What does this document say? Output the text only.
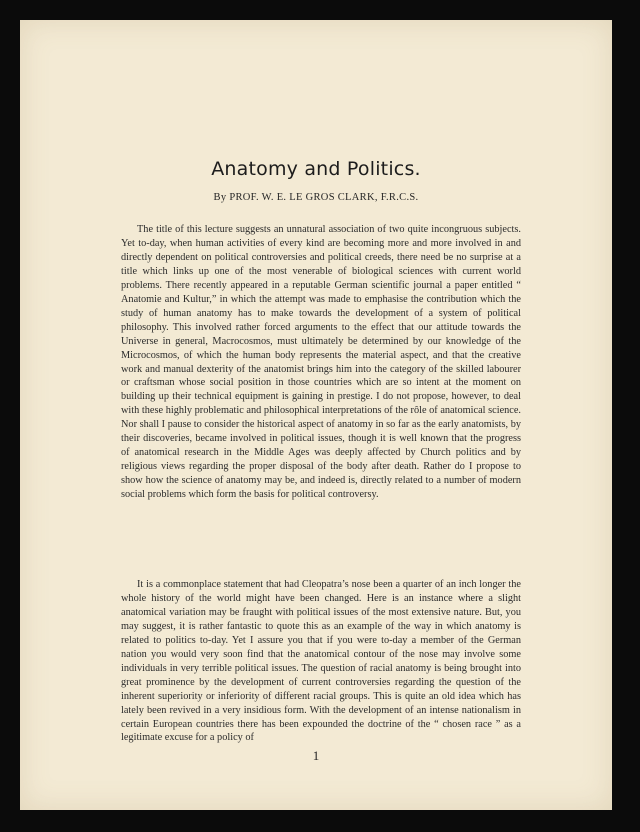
Anatomy and Politics.
By PROF. W. E. LE GROS CLARK, F.R.C.S.

The title of this lecture suggests an unnatural association of two quite incongruous subjects. Yet to-day, when human activities of every kind are becoming more and more involved in and directly dependent on political controversies and political creeds, there need be no surprise at a title which links up one of the most venerable of biological sciences with current world problems. There recently appeared in a reputable German scientific journal a paper entitled “ Anatomie and Kultur,” in which the attempt was made to emphasise the contribution which the study of human anatomy has to make towards the development of a system of political philosophy. This involved rather forced arguments to the effect that our attitude towards the Universe in general, Macrocosmos, must ultimately be determined by our knowledge of the Microcosmos, of which the human body represents the material aspect, and that the creative work and manual dexterity of the anatomist brings him into the category of the skilled labourer or craftsman whose social position in those countries which are so intent at the moment on building up their technical equipment is gaining in prestige. I do not propose, however, to deal with these highly problematic and philosophical interpretations of the rôle of anatomical science. Nor shall I pause to consider the historical aspect of anatomy in so far as the early anatomists, by their discoveries, became involved in political issues, though it is well known that the progress of anatomical research in the Middle Ages was deeply affected by Church politics and by religious views regarding the proper disposal of the body after death. Rather do I propose to show how the science of anatomy may be, and indeed is, directly related to a number of modern social problems which form the basis for political controversy.

It is a commonplace statement that had Cleopatra’s nose been a quarter of an inch longer the whole history of the world might have been changed. Here is an instance where a slight anatomical variation may be fraught with political issues of the most extensive nature. But, you may suggest, it is rather fantastic to quote this as an example of the way in which anatomy is related to politics to-day. Yet I assure you that if you were to-day a member of the German nation you would very soon find that the anatomical contour of the nose may involve some individuals in very terrible political issues. The question of racial anatomy is being brought into great prominence by the development of current controversies regarding the question of the inherent superiority or inferiority of different racial groups. This is quite an old idea which has lately been revived in a very insidious form. With the development of an intense nationalism in certain European countries there has been expounded the doctrine of the “ chosen race ” as a legitimate excuse for a policy of

1
